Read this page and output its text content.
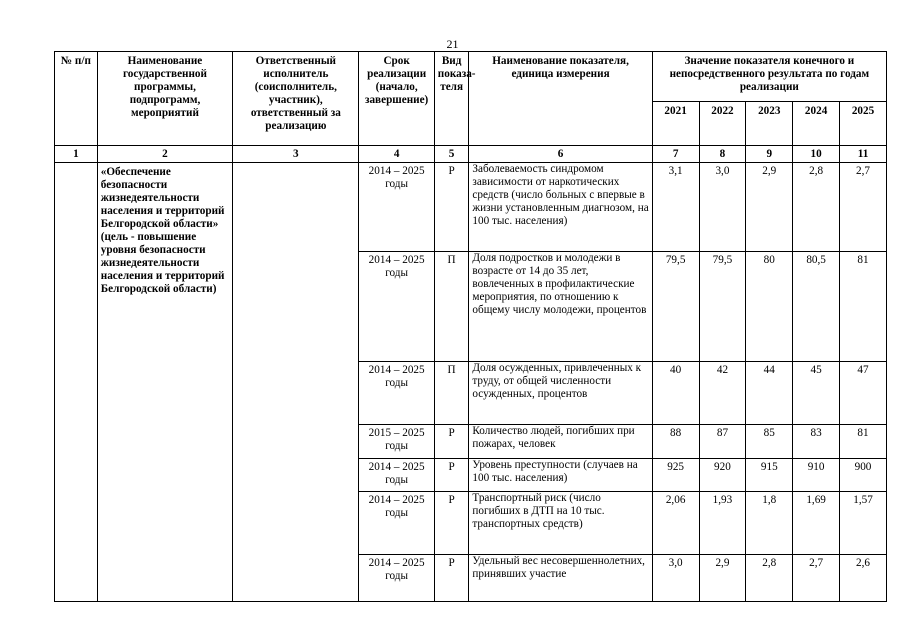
21
№ п/п	Наименование государственной программы, подпрограмм, мероприятий	Ответственный исполнитель (соисполнитель, участник), ответственный за реализацию	Срок реализации (начало, завершение)	Вид показа-теля	Наименование показателя, единица измерения	Значение показателя конечного и непосредственного результата по годам реализации				
						2021	2022	2023	2024	2025
1	2	3	4	5	6	7	8	9	10	11
	«Обеспечение безопасности жизнедеятельности населения и территорий Белгородской области» (цель - повышение уровня безопасности жизнедеятельности населения и территорий Белгородской области)		2014 – 2025 годы	Р	Заболеваемость синдромом зависимости от наркотических средств (число больных с впервые в жизни установленным диагнозом, на 100 тыс. населения)	3,1	3,0	2,9	2,8	2,7
			2014 – 2025 годы	П	Доля подростков и молодежи в возрасте от 14 до 35 лет, вовлеченных в профилактические мероприятия, по отношению к общему числу молодежи, процентов	79,5	79,5	80	80,5	81
			2014 – 2025 годы	П	Доля осужденных, привлеченных к труду, от общей численности осужденных, процентов	40	42	44	45	47
			2015 – 2025 годы	Р	Количество людей, погибших при пожарах, человек	88	87	85	83	81
			2014 – 2025 годы	Р	Уровень преступности (случаев на 100 тыс. населения)	925	920	915	910	900
			2014 – 2025 годы	Р	Транспортный риск (число погибших в ДТП на 10 тыс. транспортных средств)	2,06	1,93	1,8	1,69	1,57
			2014 – 2025 годы	Р	Удельный вес несовершеннолетних, принявших участие	3,0	2,9	2,8	2,7	2,6
